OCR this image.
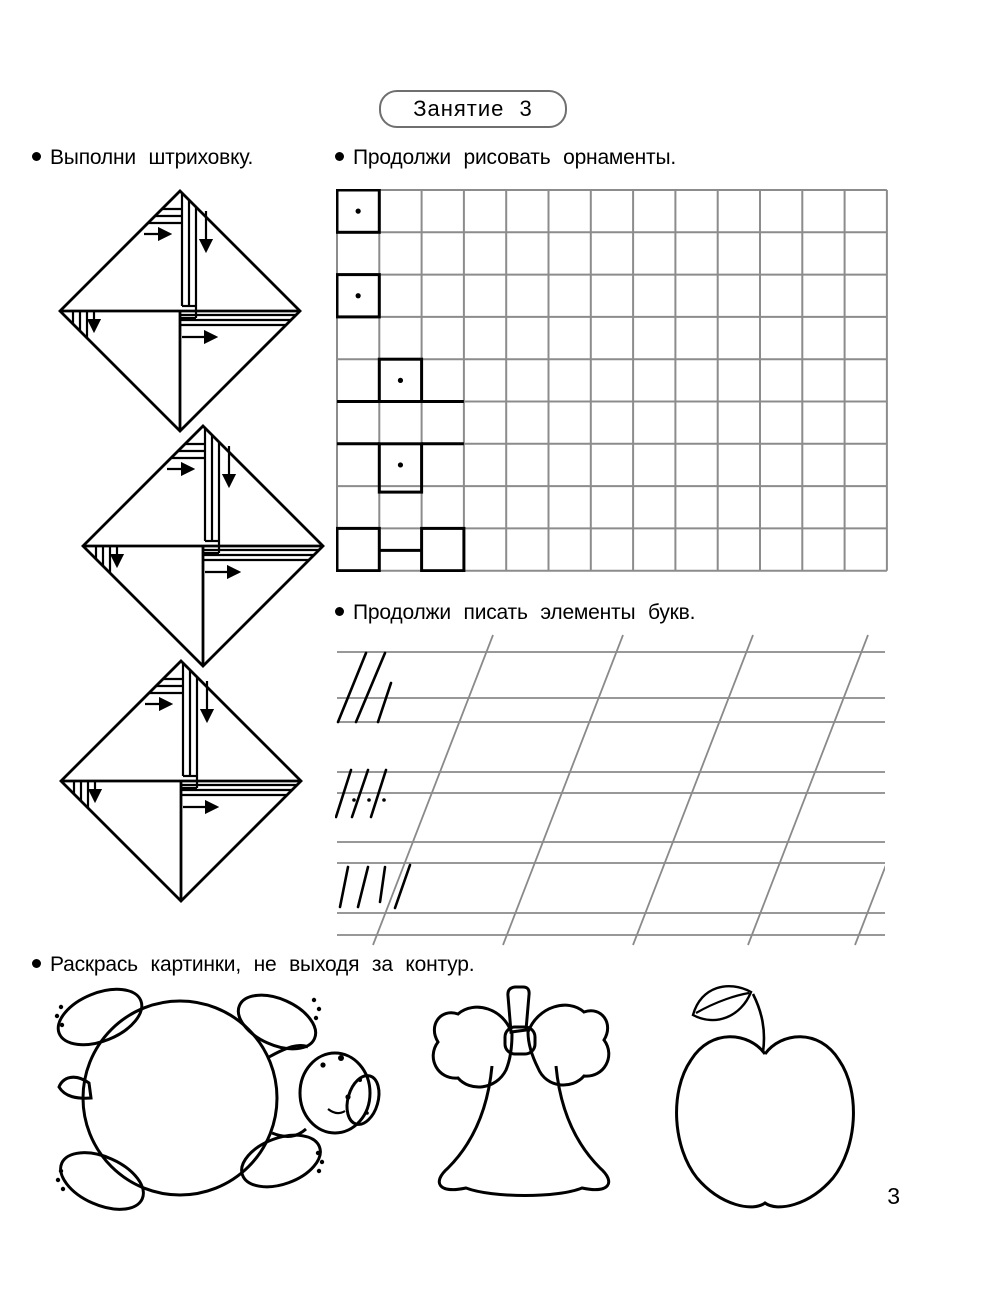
Занятие 3
Выполни штриховку.	Продолжи рисовать орнаменты.
Продолжи писать элементы букв.
Раскрась картинки, не выходя за контур.
3
